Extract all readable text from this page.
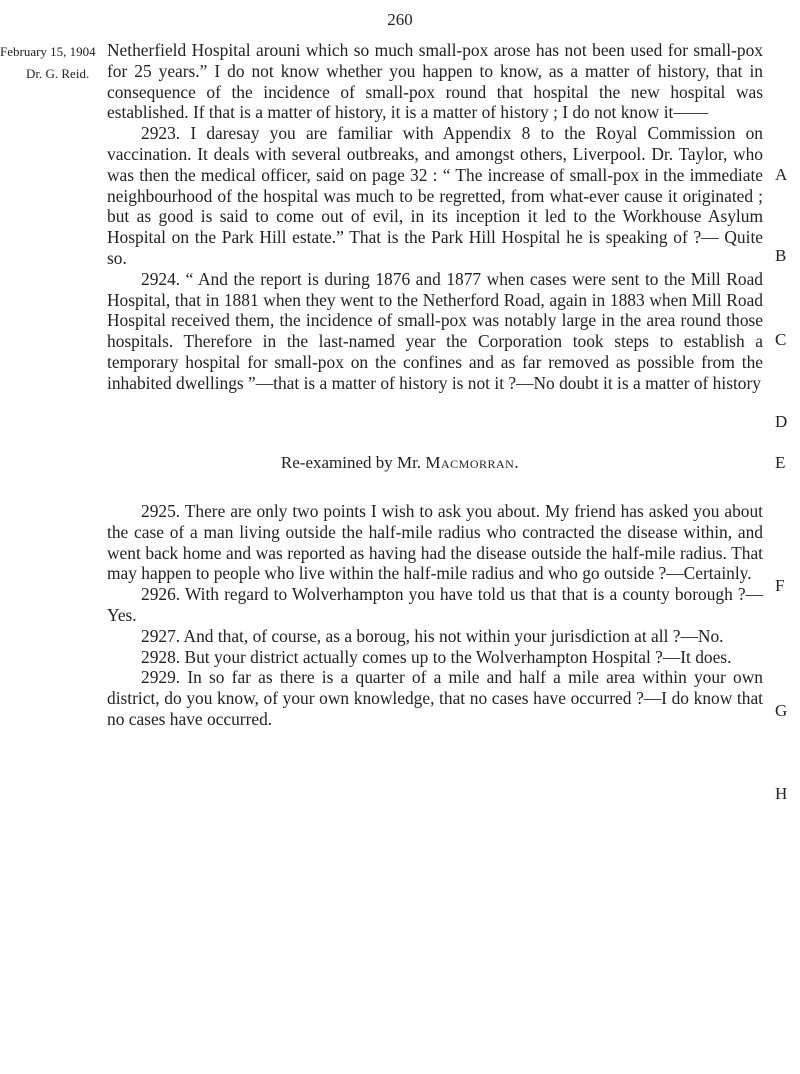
260
February 15, 1904
Dr. G. Reid.

Netherfield Hospital arouni which so much small-pox arose has not been used for small-pox for 25 years.” I do not know whether you happen to know, as a matter of history, that in consequence of the incidence of small-pox round that hospital the new hospital was established. If that is a matter of history, it is a matter of history ; I do not know it——

2923. I daresay you are familiar with Appendix 8 to the Royal Commission on vaccination. It deals with several outbreaks, and amongst others, Liverpool. Dr. Taylor, who was then the medical officer, said on page 32 : “ The increase of small-pox in the immediate neighbourhood of the hospital was much to be regretted, from what-ever cause it originated ; but as good is said to come out of evil, in its inception it led to the Workhouse Asylum Hospital on the Park Hill estate.” That is the Park Hill Hospital he is speaking of ?— Quite so.

2924. “ And the report is during 1876 and 1877 when cases were sent to the Mill Road Hospital, that in 1881 when they went to the Netherford Road, again in 1883 when Mill Road Hospital received them, the incidence of small-pox was notably large in the area round those hospitals. Therefore in the last-named year the Corporation took steps to establish a temporary hospital for small-pox on the confines and as far removed as possible from the inhabited dwellings ”—that is a matter of history is not it ?—No doubt it is a matter of history

Re-examined by Mr. Macmorran.

2925. There are only two points I wish to ask you about. My friend has asked you about the case of a man living outside the half-mile radius who contracted the disease within, and went back home and was reported as having had the disease outside the half-mile radius. That may happen to people who live within the half-mile radius and who go outside ?—Certainly.

2926. With regard to Wolverhampton you have told us that that is a county borough ?—Yes.

2927. And that, of course, as a boroug, his not within your jurisdiction at all ?—No.

2928. But your district actually comes up to the Wolverhampton Hospital ?—It does.

2929. In so far as there is a quarter of a mile and half a mile area within your own district, do you know, of your own knowledge, that no cases have occurred ?—I do know that no cases have occurred.

A
B
C
D
E
F
G
H
